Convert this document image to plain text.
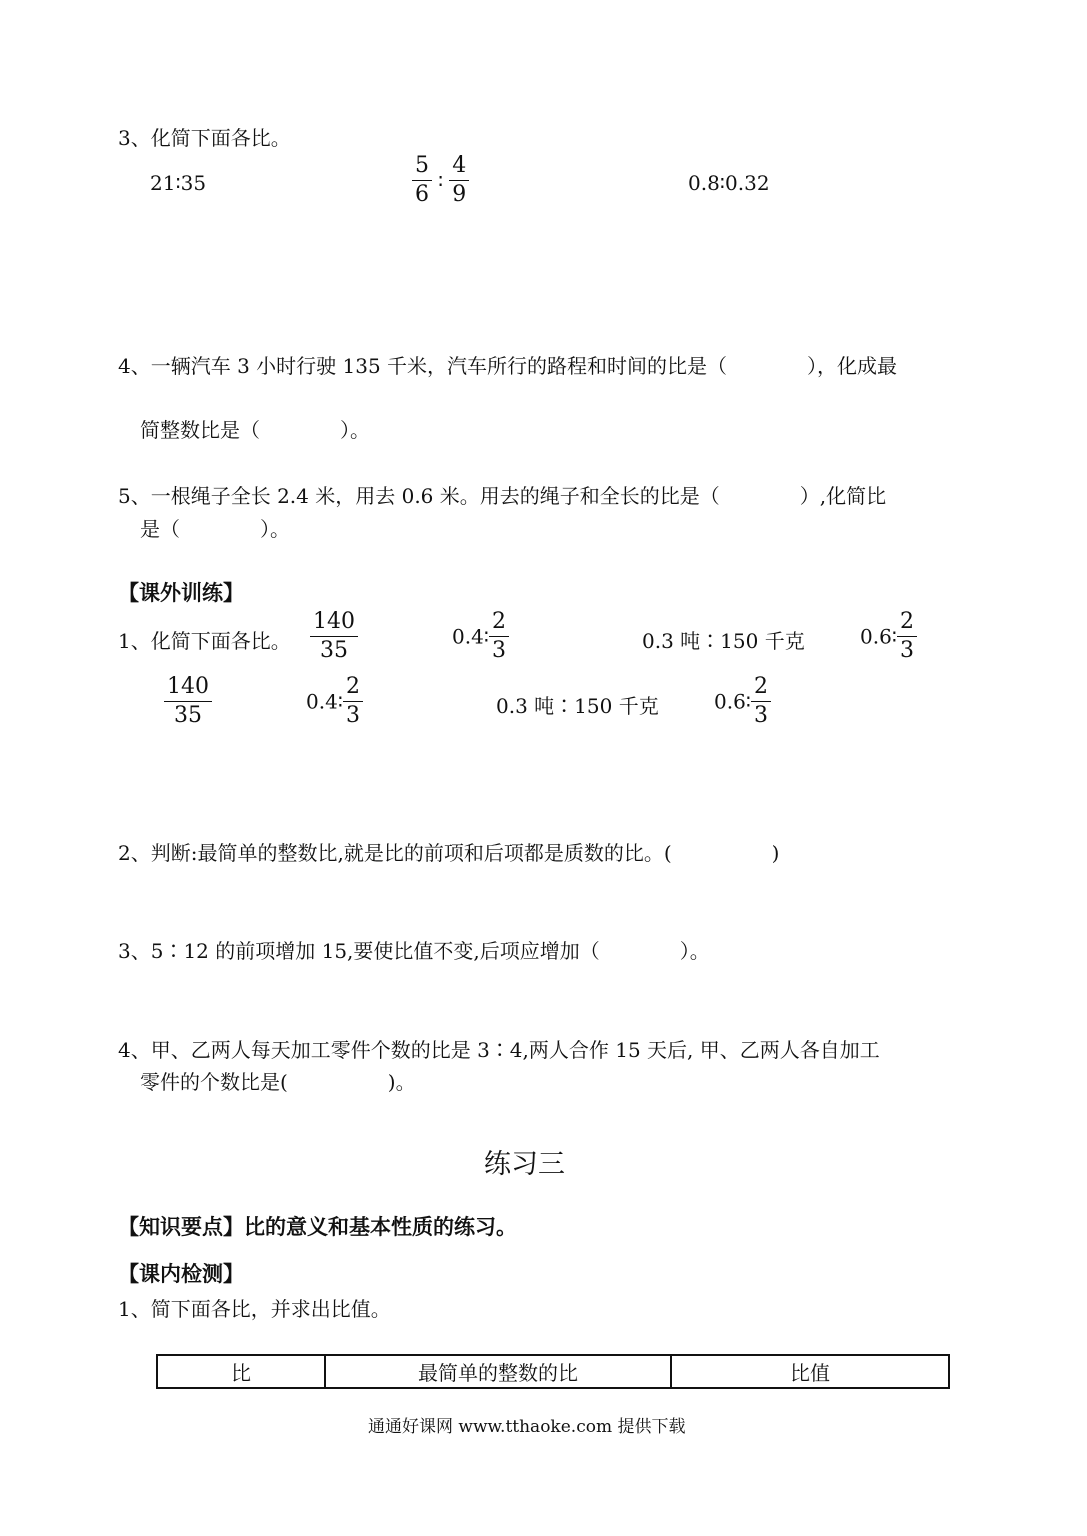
3、化简下面各比。
21∶35	$\frac{5}{6}$ ∶ $\frac{4}{9}$	0.8∶0.32
4、一辆汽车 3 小时行驶 135 千米，汽车所行的路程和时间的比是（　　　　），化成最
简整数比是（　　　　）。
5、一根绳子全长 2.4 米，用去 0.6 米。用去的绳子和全长的比是（　　　　）,化简比
是（　　　　）。
【课外训练】
1、化简下面各比。 $\frac{140}{35}$	0.4∶ $\frac{2}{3}$	0.3 吨∶150 千克	0.6∶ $\frac{2}{3}$
$\frac{140}{35}$	0.4∶ $\frac{2}{3}$	0.3 吨∶150 千克	0.6∶ $\frac{2}{3}$
2、判断:最简单的整数比,就是比的前项和后项都是质数的比。(　　　　　)
3、5∶12 的前项增加 15,要使比值不变,后项应增加（　　　　）。
4、甲、乙两人每天加工零件个数的比是 3∶4,两人合作 15 天后, 甲、乙两人各自加工
零件的个数比是(　　　　　)。
练习三
【知识要点】比的意义和基本性质的练习。
【课内检测】
1、简下面各比，并求出比值。
比	最简单的整数的比	比值
通通好课网 www.tthaoke.com 提供下载
